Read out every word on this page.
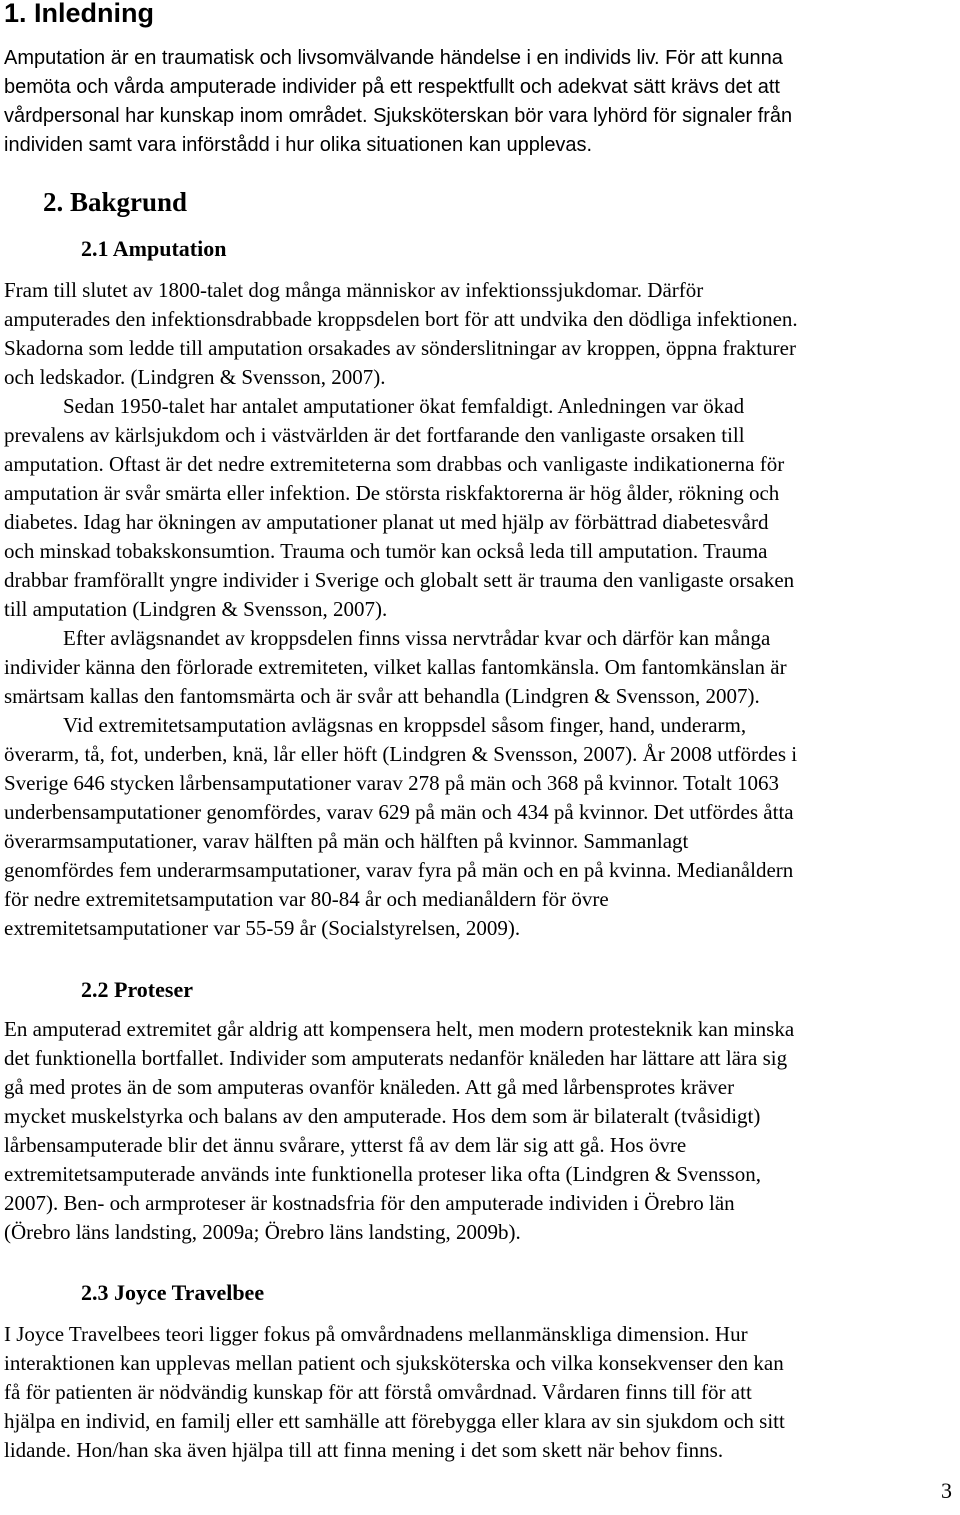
1. Inledning
Amputation är en traumatisk och livsomvälvande händelse i en individs liv. För att kunna
bemöta och vårda amputerade individer på ett respektfullt och adekvat sätt krävs det att
vårdpersonal har kunskap inom området. Sjuksköterskan bör vara lyhörd för signaler från
individen samt vara införstådd i hur olika situationen kan upplevas.
2. Bakgrund
2.1 Amputation
Fram till slutet av 1800-talet dog många människor av infektionssjukdomar. Därför
amputerades den infektionsdrabbade kroppsdelen bort för att undvika den dödliga infektionen.
Skadorna som ledde till amputation orsakades av sönderslitningar av kroppen, öppna frakturer
och ledskador. (Lindgren & Svensson, 2007).
Sedan 1950-talet har antalet amputationer ökat femfaldigt. Anledningen var ökad
prevalens av kärlsjukdom och i västvärlden är det fortfarande den vanligaste orsaken till
amputation. Oftast är det nedre extremiteterna som drabbas och vanligaste indikationerna för
amputation är svår smärta eller infektion. De största riskfaktorerna är hög ålder, rökning och
diabetes. Idag har ökningen av amputationer planat ut med hjälp av förbättrad diabetesvård
och minskad tobakskonsumtion. Trauma och tumör kan också leda till amputation. Trauma
drabbar framförallt yngre individer i Sverige och globalt sett är trauma den vanligaste orsaken
till amputation (Lindgren & Svensson, 2007).
Efter avlägsnandet av kroppsdelen finns vissa nervtrådar kvar och därför kan många
individer känna den förlorade extremiteten, vilket kallas fantomkänsla. Om fantomkänslan är
smärtsam kallas den fantomsmärta och är svår att behandla (Lindgren & Svensson, 2007).
Vid extremitetsamputation avlägsnas en kroppsdel såsom finger, hand, underarm,
överarm, tå, fot, underben, knä, lår eller höft (Lindgren & Svensson, 2007). År 2008 utfördes i
Sverige 646 stycken lårbensamputationer varav 278 på män och 368 på kvinnor. Totalt 1063
underbensamputationer genomfördes, varav 629 på män och 434 på kvinnor. Det utfördes åtta
överarmsamputationer, varav hälften på män och hälften på kvinnor. Sammanlagt
genomfördes fem underarmsamputationer, varav fyra på män och en på kvinna. Medianåldern
för nedre extremitetsamputation var 80-84 år och medianåldern för övre
extremitetsamputationer var 55-59 år (Socialstyrelsen, 2009).
2.2 Proteser
En amputerad extremitet går aldrig att kompensera helt, men modern protesteknik kan minska
det funktionella bortfallet. Individer som amputerats nedanför knäleden har lättare att lära sig
gå med protes än de som amputeras ovanför knäleden. Att gå med lårbensprotes kräver
mycket muskelstyrka och balans av den amputerade. Hos dem som är bilateralt (tvåsidigt)
lårbensamputerade blir det ännu svårare, ytterst få av dem lär sig att gå. Hos övre
extremitetsamputerade används inte funktionella proteser lika ofta (Lindgren & Svensson,
2007). Ben- och armproteser är kostnadsfria för den amputerade individen i Örebro län
(Örebro läns landsting, 2009a; Örebro läns landsting, 2009b).
2.3 Joyce Travelbee
I Joyce Travelbees teori ligger fokus på omvårdnadens mellanmänskliga dimension. Hur
interaktionen kan upplevas mellan patient och sjuksköterska och vilka konsekvenser den kan
få för patienten är nödvändig kunskap för att förstå omvårdnad. Vårdaren finns till för att
hjälpa en individ, en familj eller ett samhälle att förebygga eller klara av sin sjukdom och sitt
lidande. Hon/han ska även hjälpa till att finna mening i det som skett när behov finns.
3
